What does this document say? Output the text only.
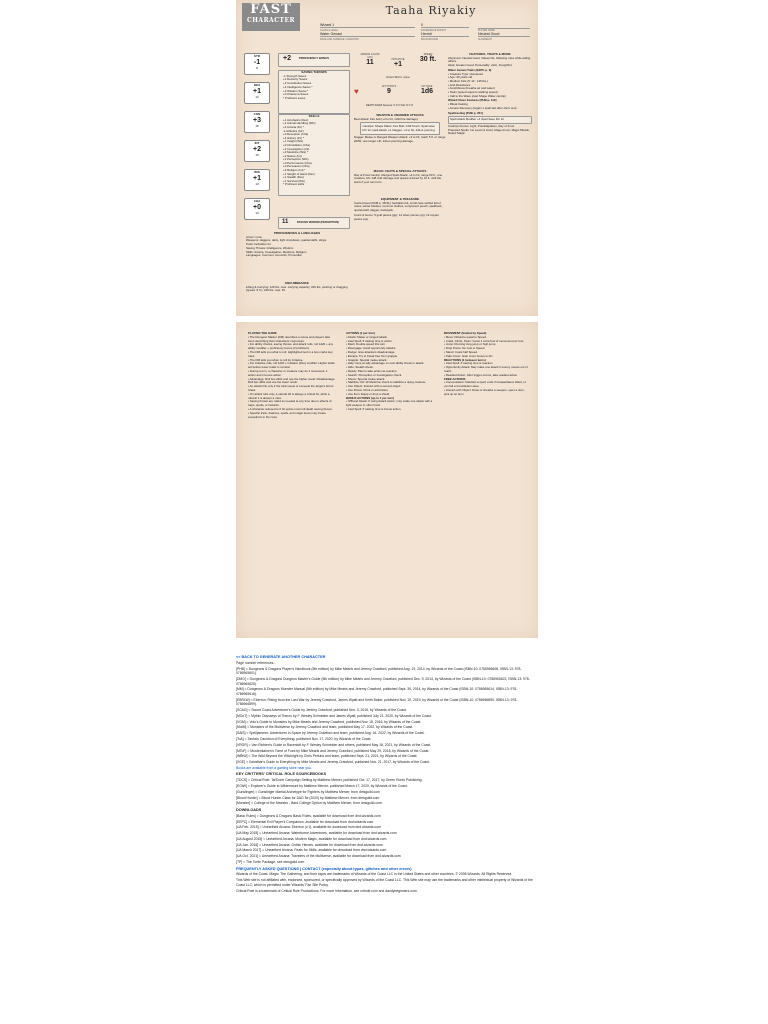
FAST
CHARACTER
Taaha Riyakiy
Wizard 1
CLASS & LEVEL
Water Genasi
RACE AND SUBRACE / ANCESTRY
0
EXPERIENCE POINTS
Hermit
BACKGROUND
PLAYER NAME
Neutral Good
ALIGNMENT
STR
-1
8
DEX
+1
13
CON
+3
16
INT
+2
15
WIS
+1
13
CHA
+0
10
+2	PROFICIENCY BONUS
SAVING THROWS
-1 Strength Saves
+1 Dexterity Saves
+3 Constitution Saves
+4 Intelligence Saves *
+3 Wisdom Saves *
+0 Charisma Saves
* Proficient saves
SKILLS
+1 Acrobatics (Dex)
+1 Animal Handling (Wis)
+4 Arcana (Int) *
-1 Athletics (Str)
+0 Deception (Cha)
+4 History (Int) *
+1 Insight (Wis)
+0 Intimidation (Cha)
+2 Investigation (Int)
+3 Medicine (Wis) *
+2 Nature (Int)
+1 Perception (Wis)
+0 Performance (Cha)
+0 Persuasion (Cha)
+4 Religion (Int) *
+1 Sleight of Hand (Dex)
+1 Stealth (Dex)
+1 Survival (Wis)
* Proficient skills
11	PASSIVE WISDOM (PERCEPTION)
PROFICIENCIES & LANGUAGES
Armor: none
Weapons: daggers, darts, light crossbows, quarterstaffs, slings
Tools: herbalism kit
Saving Throws: Intelligence, Wisdom
Skills: Arcana, Investigation, Medicine, Religion
Languages: Common, Gnomish, Primordial
ENCUMBRANCE
Lifting & Carrying: 120 lbs. max. carrying capacity; 240 lbs. pushing or dragging (speed -5 ft.); 240 lbs. max. lift.
ARMOR CLASS (AC)
11	INITIATIVE
+1
SPEED
30 ft.
Armor Worn: none
♥
HIT POINTS
9
HIT DICE
1d6
DEATH SAVES Success: O O O Fail: O O O
WEAPON & UNARMED ATTACKS
Best Attack: Fire bolt (+4 to hit, 1d10 fire damage).
Cantrips: Shape Water; Fire Bolt; Chill Touch. Spell save DC 12; spell attack +4. Dagger: +3 to hit, 1d4+1 piercing.
Dagger. Melee or Ranged Weapon Attack: +3 to hit, reach 5 ft. or range 20/60, one target. Hit: 1d4+1 piercing damage.
MAGIC, FEATS & SPECIAL ATTACKS
Ray of Frost Cantrip. Ranged Spell Attack: +4 to hit, range 60 ft., one creature. Hit: 1d8 cold damage and speed reduced by 10 ft. until the start of your next turn.
EQUIPMENT & TREASURE
Carried Gear [PHB p. 48-51]: herbalism kit, scroll case stuffed full of notes, winter blanket, common clothes, component pouch, spellbook, quarterstaff, dagger, backpack.
Coins & Gems: 5 gold pieces (gp); 14 silver pieces (sp); 12 copper pieces (cp).
FEATURES, TRAITS & MORE
Alignment: Neutral Good. Values life, following rules while aiding others.
Ideal: Greater Good. Personality: calm, thoughtful.
Water Genasi Traits [EEPC p. 9]
• Creature Type: Humanoid
• Age: 30 years old
• Medium Size (5' 11", 145 lbs.)
• Acid Resistance
• Amphibious (breathe air and water)
• Swim (speed equal to walking speed)
• Call to the Wave (cast Shape Water cantrip)
Wizard Class Features [PHB p. 112]
• Ritual Casting
• Arcane Recovery (regain 1 spell slot after short rest)
Spellcasting [PHB p. 201]
Spell Attack Modifier +4 Spell Save DC 12
Cantrips Known: Light, Prestidigitation, Ray of Frost
Prepared Spells: 1st Level (2 slots): Mage Armor, Magic Missile, Detect Magic
PLAYING THE GAME
• The Dungeon Master (DM) describes a scene and players take turns describing their characters' responses.
• For ability checks, saving throws, and attack rolls, roll 1d20 + any ability modifier + proficiency bonus (if proficient).
• The DM tells you what to roll. Highlighted text in a box marks key rules.
• The DM tells you when to roll for initiative.
• For initiative rolls, roll 1d20 + Initiative (Dex) modifier. Higher totals act before lower totals in combat.
• During a turn, a character or creature may do 1 movement, 1 action and 1 bonus action.
• Advantage: Roll two d20s and use the higher result. Disadvantage: Roll two d20s and use the lower result.
• An attack hits only if the total meets or exceeds the target's Armor Class.
• On attack rolls only, a natural 20 is always a critical hit, while a natural 1 is always a miss.
• Saving throws are rolled as needed at any time due to effects of traps, spells, or hazards.
• A character reduced to 0 hit points must roll death saving throws.
• Specific traits, features, spells, and magic items may create exceptions to the rules.
ACTIONS (1 per turn)
• Attack: Melee or ranged attack.
• Cast Spell: If casting time is action.
• Dash: Double speed this turn.
• Disengage: Avoid opportunity attacks.
• Dodge: Give attackers disadvantage.
• Escape: Try to break free from grapple.
• Grapple: Special melee attack.
• Help: Give an ally advantage on next ability check or attack.
• Hide: Stealth check.
• Ready: Plan to take action as reaction.
• Search: Perception or Investigation check.
• Shove: Special melee attack.
• Stabilize: DC 10 Medicine check to stabilize a dying creature.
• Use Object: Interact with a second object.
• Use Potion: Drink or administer.
• Use Item: Equip or drop a shield.
BONUS ACTIONS (up to 1 per turn)
• Offhand Attack: If using Attack action, may make one attack with a light weapon in other hand.
• Cast Spell: If casting time is bonus action.
MOVEMENT (limited by Speed)
• Move: Distance equal to Speed.
• Crawl, Climb, Swim: Costs 1 extra foot of movement per foot.
• Jump: Running long jump or high jump.
• Drop Prone: No cost to Speed.
• Stand: Costs half Speed.
• Take Cover: Gain cover bonus to AC.
REACTIONS (1 between turns)
• Cast Spell: If casting time is reaction.
• Opportunity Attack: May make one attack if enemy moves out of reach.
• Readied Action: After trigger occurs, take readied action.
FREE ACTIONS
• Concentration: Maintain a spell; ends if incapacitated, killed, or you fail a Constitution save.
• Interact with Object: Draw or sheathe a weapon, open a door, pick up an item.

<< BACK TO GENERATE ANOTHER CHARACTER

Page number references...

[PHB] = Dungeons & Dragons Player's Handbook (5th edition) by Mike Mearls and Jeremy Crawford, published Aug. 19, 2014, by Wizards of the Coast (ISBN-10: 0786965606, ISBN-13: 978-0786965601).

[DMG] = Dungeons & Dragons Dungeon Master's Guide (5th edition) by Mike Mearls and Jeremy Crawford, published Dec. 9, 2014, by Wizards of the Coast (ISBN-10: 0786965622, ISBN-13: 978-0786965625).

[MM] = Dungeons & Dragons Monster Manual (5th edition) by Mike Mearls and Jeremy Crawford, published Sept. 30, 2014, by Wizards of the Coast (ISBN-10: 0786965614, ISBN-13: 978-0786965618).

[EBRLW] = Eberron: Rising from the Last War by Jeremy Crawford, James Wyatt and Keith Baker, published Nov. 19, 2019, by Wizards of the Coast (ISBN-10: 0786966890, ISBN-13: 978-0786966899).

[SCAG] = Sword Coast Adventurer's Guide by Jeremy Crawford, published Nov. 3, 2015, by Wizards of the Coast.

[MOoT] = Mythic Odysseys of Theros by F. Wesley Schneider and James Wyatt, published July 21, 2020, by Wizards of the Coast.

[VGM] = Volo's Guide to Monsters by Mike Mearls and Jeremy Crawford, published Nov. 15, 2016, by Wizards of the Coast.

[MotM] = Monsters of the Multiverse by Jeremy Crawford and team, published May 17, 2022, by Wizards of the Coast.

[SAiS] = Spelljammer: Adventures in Space by Jeremy Crawford and team, published Aug. 16, 2022, by Wizards of the Coast.

[ToA] = Tasha's Cauldron of Everything, published Nov. 17, 2020, by Wizards of the Coast.

[VRGR] = Van Richten's Guide to Ravenloft by F. Wesley Schneider and others, published May 18, 2021, by Wizards of the Coast.

[MToF] = Mordenkainen's Tome of Foes by Mike Mearls and Jeremy Crawford, published May 29, 2018, by Wizards of the Coast.

[WBtW] = The Wild Beyond the Witchlight by Chris Perkins and team, published Sept. 21, 2021, by Wizards of the Coast.

[XGE] = Xanathar's Guide to Everything by Mike Mearls and Jeremy Crawford, published Nov. 21, 2017, by Wizards of the Coast.

Books are available from a gaming store near you.

KEY CRITTERS' CRITICAL ROLE SOURCEBOOKS

[TDCS] = Critical Role: Tal'Dorei Campaign Setting by Matthew Mercer, published Oct. 17, 2017, by Green Ronin Publishing.

[EGtW] = Explorer's Guide to Wildemount by Matthew Mercer, published March 17, 2020, by Wizards of the Coast.

[Gunslinger] = Gunslinger Martial Archetype for Fighters by Matthew Mercer, from dmsguild.com

[Blood Hunter] = Blood Hunter Class for D&D 5e (2020) by Matthew Mercer, from dmsguild.com

[Monster] = College of the Maestro - Bard College Option by Matthew Mercer, from dmsguild.com

DOWNLOADS

[Basic Rules] = Dungeons & Dragons Basic Rules, available for download from dnd.wizards.com

[EEPC] = Elemental Evil Player's Companion, available for download from dnd.wizards.com

[UA Feb. 2015] = Unearthed Arcana: Eberron (v.1), available for download from dnd.wizards.com

[UA May 2015] = Unearthed Arcana: Waterborne Adventures, available for download from dnd.wizards.com

[UA August 2015] = Unearthed Arcana: Modern Magic, available for download from dnd.wizards.com

[UA Jan. 2016] = Unearthed Arcana: Gothic Heroes, available for download from dnd.wizards.com

[UA March 2017] = Unearthed Arcana: Feats for Skills, available for download from dnd.wizards.com

[UA Oct. 2021] = Unearthed Arcana: Travelers of the Multiverse, available for download from dnd.wizards.com

[TP] = The Tortle Package, see dmsguild.com

FREQUENTLY ASKED QUESTIONS | CONTACT (especially about typos, glitches and other errors)

Wizards of the Coast, Magic: The Gathering, and their logos are trademarks of Wizards of the Coast LLC in the United States and other countries. © 2008 Wizards. All Rights Reserved.

This Web site is not affiliated with, endorsed, sponsored, or specifically approved by Wizards of the Coast LLC. This Web site may use the trademarks and other intellectual property of Wizards of the Coast LLC, which is permitted under Wizards' Fan Site Policy.

Critical Role is a trademark of Critical Role Productions. For more information, see critrole.com and dandybeginners.com.
